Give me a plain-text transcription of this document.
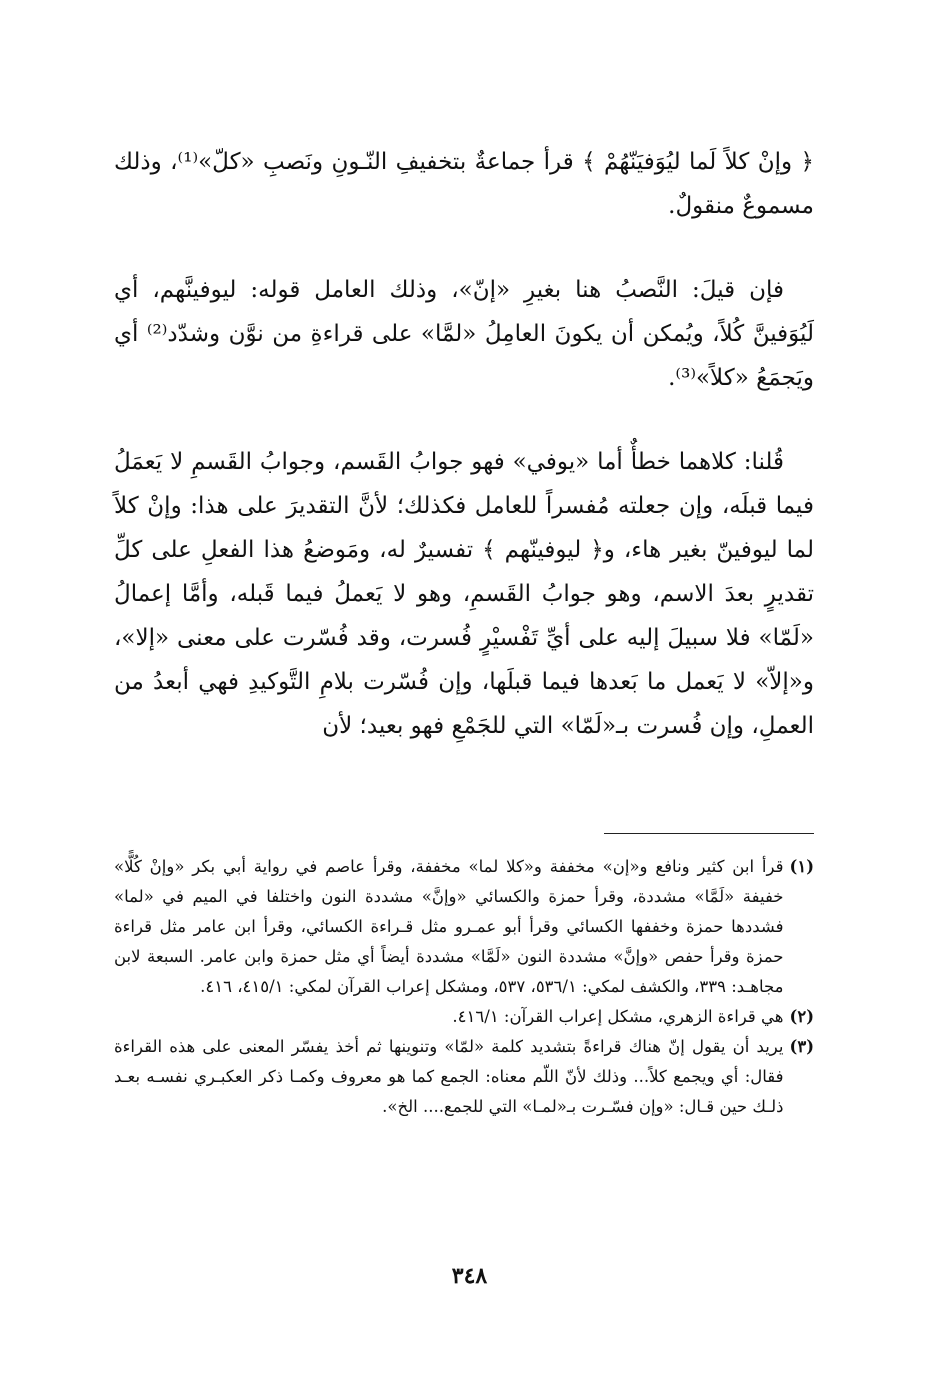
﴿ وإنْ كلاً لَما ليُوَفيَنّهُمْ ﴾ قرأ جماعةٌ بتخفيفِ النّـونِ ونَصبِ «كلّ»⁽¹⁾، وذلك مسموعٌ منقولٌ.

فإن قيلَ: النَّصبُ هنا بغيرِ «إنّ»، وذلك العامل قوله: ليوفينَّهم، أي لَيُوَفينَّ كُلاً، ويُمكن أن يكونَ العامِلُ «لمَّا» على قراءةِ من نوَّن وشدّد⁽²⁾ أي ويَجمَعُ «كلاً»⁽³⁾.

قُلنا: كلاهما خطأٌ أما «يوفي» فهو جوابُ القَسم، وجوابُ القَسمِ لا يَعمَلُ فيما قبلَه، وإن جعلته مُفسراً للعامل فكذلك؛ لأنَّ التقديرَ على هذا: وإنْ كلاً لما ليوفينّ بغير هاء، و﴿ ليوفينّهم ﴾ تفسيرٌ له، ومَوضعُ هذا الفعلِ على كلِّ تقديرٍ بعدَ الاسم، وهو جوابُ القَسمِ، وهو لا يَعملُ فيما قَبله، وأمَّا إعمالُ «لَمّا» فلا سبيلَ إليه على أيِّ تَفْسيْرٍ فُسرت، وقد فُسّرت على معنى «إلا»، و«إلاّ» لا يَعمل ما بَعدها فيما قبلَها، وإن فُسّرت بلامِ التَّوكيدِ فهي أبعدُ من العملِ، وإن فُسرت بـ«لَمّا» التي للجَمْعِ فهو بعيد؛ لأن

(١)
قرأ ابن كثير ونافع و«إن» مخففة و«كلا لما» مخففة، وقرأ عاصم في رواية أبي بكر «وإنْ كُلًّا» خفيفة «لَمَّا» مشددة، وقرأ حمزة والكسائي «وإنَّ» مشددة النون واختلفا في الميم في «لما» فشددها حمزة وخففها الكسائي وقرأ أبو عمـرو مثل قـراءة الكسائي، وقرأ ابن عامر مثل قراءة حمزة وقرأ حفص «وإنَّ» مشددة النون «لَمَّا» مشددة أيضاً أي مثل حمزة وابن عامر. السبعة لابن مجاهـد: ٣٣٩، والكشف لمكي: ٥٣٦/١، ٥٣٧، ومشكل إعراب القرآن لمكي: ٤١٥/١، ٤١٦.
(٢)
هي قراءة الزهري، مشكل إعراب القرآن: ٤١٦/١.
(٣)
يريد أن يقول إنّ هناك قراءةً بتشديد كلمة «لمّا» وتنوينها ثم أخذ يفسّر المعنى على هذه القراءة فقال: أي ويجمع كلاً... وذلك لأنّ اللّم معناه: الجمع كما هو معروف وكمـا ذكر العكبـري نفسـه بعـد ذلـك حين قـال: «وإن فسّـرت بـ«لمـا» التي للجمع.... الخ».
٣٤٨
